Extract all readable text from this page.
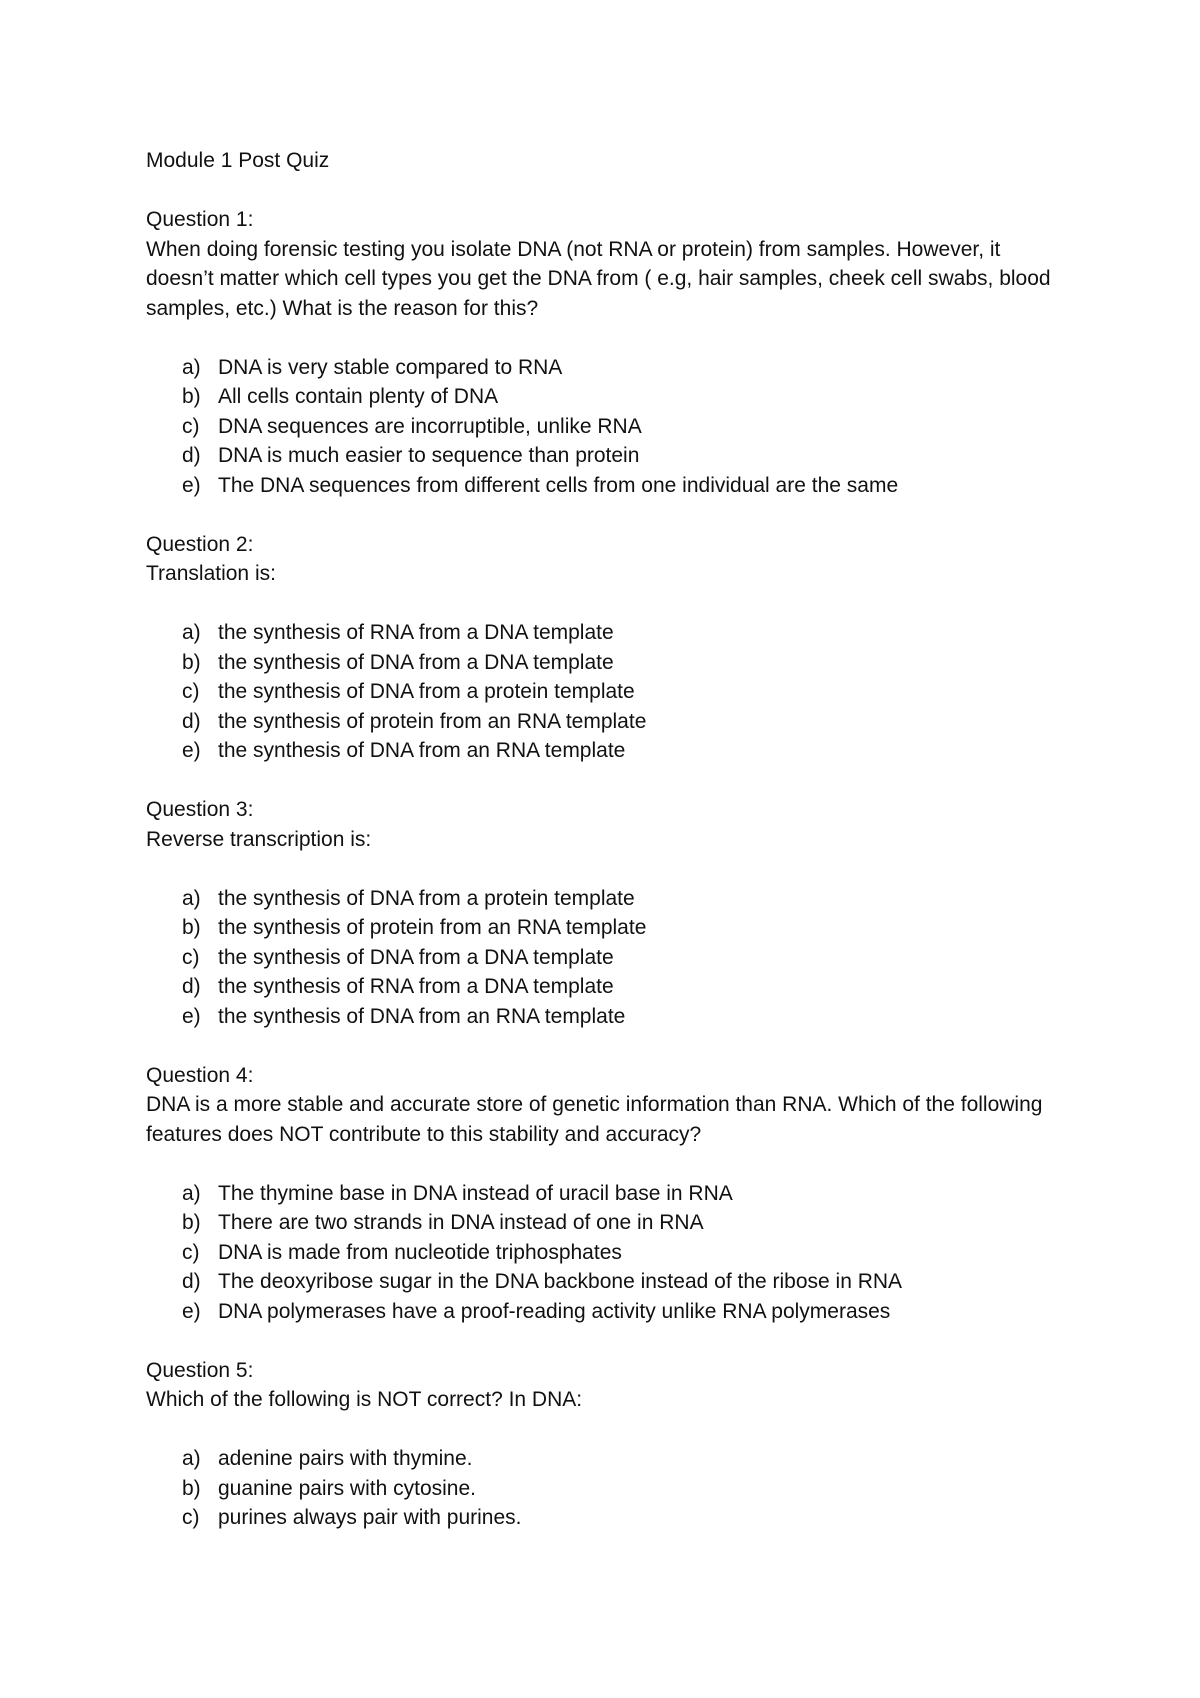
Module 1 Post Quiz
Question 1:
When doing forensic testing you isolate DNA (not RNA or protein) from samples. However, it doesn’t matter which cell types you get the DNA from ( e.g, hair samples, cheek cell swabs, blood samples, etc.) What is the reason for this?
a) DNA is very stable compared to RNA
b) All cells contain plenty of DNA
c) DNA sequences are incorruptible, unlike RNA
d) DNA is much easier to sequence than protein
e) The DNA sequences from different cells from one individual are the same
Question 2:
Translation is:
a) the synthesis of RNA from a DNA template
b) the synthesis of DNA from a DNA template
c) the synthesis of DNA from a protein template
d) the synthesis of protein from an RNA template
e) the synthesis of DNA from an RNA template
Question 3:
Reverse transcription is:
a) the synthesis of DNA from a protein template
b) the synthesis of protein from an RNA template
c) the synthesis of DNA from a DNA template
d) the synthesis of RNA from a DNA template
e) the synthesis of DNA from an RNA template
Question 4:
DNA is a more stable and accurate store of genetic information than RNA. Which of the following features does NOT contribute to this stability and accuracy?
a) The thymine base in DNA instead of uracil base in RNA
b) There are two strands in DNA instead of one in RNA
c) DNA is made from nucleotide triphosphates
d) The deoxyribose sugar in the DNA backbone instead of the ribose in RNA
e) DNA polymerases have a proof-reading activity unlike RNA polymerases
Question 5:
Which of the following is NOT correct? In DNA:
a) adenine pairs with thymine.
b) guanine pairs with cytosine.
c) purines always pair with purines.
